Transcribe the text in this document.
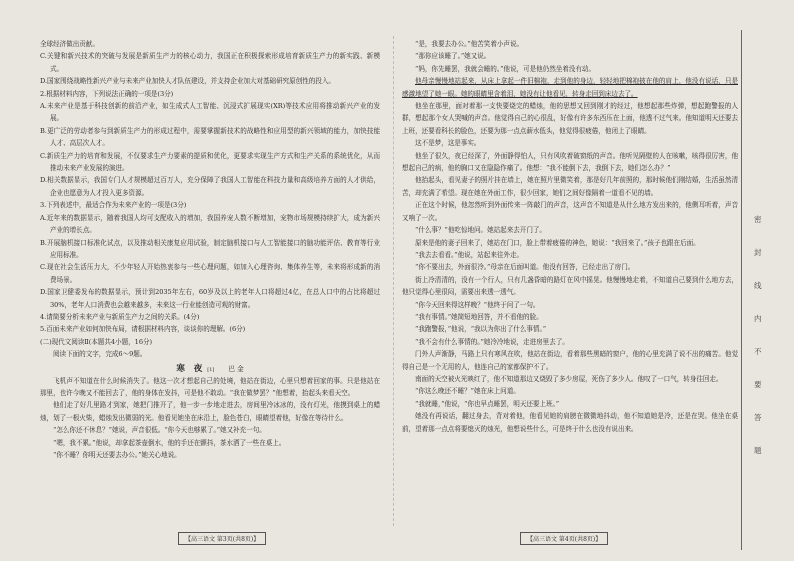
全球经济做出贡献。

C.关键和新兴技术的突破与发展是新质生产力的核心动力，我国正在积极探索形成培育新质生产力的新实践、新模式。

D.国家围绕战略性新兴产业与未来产业加快人才队伍建设，并支持企业加大对基础研究原创性的投入。

2.根据材料内容，下列说法正确的一项是(3分)

A.未来产业是基于科技创新的前沿产业，如生成式人工智能、沉浸式扩展现实(XR)等技术应用将推动新兴产业的发展。

B.更广泛的劳动者参与到新质生产力的形成过程中，需要掌握新技术的战略性和应用型的新兴领域的能力，加快技能人才、高层次人才。

C.新质生产力的培育和发展，不仅要求生产力要素的提质和优化，更要求实现生产方式和生产关系的系统优化，从而推动未来产业发展的演进。

D.相关数据显示，我国专门人才规模超过百万人，充分保障了我国人工智能在科技力量和高级培养方面的人才供给，企业也愿意为人才投入更多资源。

3.下列表述中，最适合作为未来产业的一项是(3分)

A.近年来的数据显示，随着我国人均可支配收入的增加，我国养宠人数不断增加，宠物市场规模持续扩大，成为新兴产业的增长点。

B.开展脑机接口标准化试点，以及推动相关康复应用试验，制定脑机接口与人工智能接口的脑功能评估、教育等行业应用标准。

C.现在社会生活压力大，不少年轻人开始热衷参与一些心理问题，如加入心理咨询、集体养生等，未来将形成新的消费场景。

D.国家卫健委发布的数据显示，预计到2035年左右，60岁及以上的老年人口将超过4亿，在总人口中的占比将超过30%，老年人口消费也会越来越多，未来这一行业能创造可观的财富。

4.请简要分析未来产业与新质生产力之间的关系。(4分)

5.百面未来产业如何加快布局，请根据材料内容，谈谈你的理解。(6分)

(二)现代文阅读Ⅱ(本题共4小题，16分)

阅读下面的文字，完成6～9题。

寒 夜 [1] 巴 金

飞机声不知道在什么时候消失了。他这一次才想起自己的处境，他站在街边，心里只想着回家的事。只是他站在那里，也许今晚又不能回去了，他的身体在发抖，可是他不敢动。“我在做梦罢？”他想着，抬起头来看天空。

他们走了好几里路才到家，她把门推开了，他一步一步地走进去，房间里冷冰冰的，没有灯光，他摸到桌上的蜡烛，划了一根火柴，蜡烛发出微弱的光。他看见她坐在床沿上，脸色苍白，眼睛望着他，好像在等待什么。

“怎么你还不休息？”她说，声音很低。“你今天也够累了。”她又补充一句。

“嗯，我不累。”他说，却拿起茶壶倒水，他的手还在颤抖，茶水洒了一些在桌上。

“你不睡？你明天还要去办公。”她关心地说。

“是，我要去办公。”他苦笑着小声说。

“那你应该睡了。”她又说。

“妈，你先睡罢，我就会睡的。”他说，可是他仍然坐着没有动。

他母亲慢慢地站起来，从床上拿起一件旧棉袍，走到他的身边，轻轻地把棉袍披在他的肩上，他没有说话，只是感激地望了她一眼。她的眼睛里含着泪，她没有让他看见，转身走回到床边去了。

他坐在那里，面对着那一支快要烧完的蜡烛，他的思想又回到刚才的经过，他想起那些炸弹，想起跑警报的人群，想起那个女人哭喊的声音。他觉得自己的心很乱，好像有许多东西压在上面，他透不过气来。他知道明天还要去上班，还要看科长的脸色，还要为那一点点薪水低头，他觉得很疲倦，他闭上了眼睛。

这不是梦，这是事实。

他坐了很久，夜已经深了，外面静得怕人，只有风吹着破窗纸的声音。他听见隔壁的人在咳嗽，咳得很厉害，他想起自己的病，他的胸口又在隐隐作痛了。他想：“我不能倒下去，我倒下去，她们怎么办？”

他抬起头，看见妻子的照片挂在墙上，她在照片里微笑着，那是好几年前照的，那时候他们刚结婚，生活虽然清苦，却充满了希望。现在她在外面工作，很少回家，她们之间好像隔着一道看不见的墙。

正在这个时候，他忽然听到外面传来一阵敲门的声音，这声音不知道是从什么地方发出来的，他侧耳听着，声音又响了一次。

“什么事？”他吃惊地问。她站起来去开门了。

原来是他的妻子回来了，她站在门口，脸上带着疲倦的神色，她说：“我回来了。”孩子也跟在后面。

“我去去看看。”他说，站起来往外走。

“你不要出去，外面很冷。”母亲在后面叫道。他没有回答，已经走出了房门。

街上冷清清的，没有一个行人，只有几盏昏暗的路灯在风中摇晃。他慢慢地走着，不知道自己要到什么地方去，他只觉得心里很闷，需要出来透一透气。

“你今天回来得这样晚？”他终于问了一句。

“我有事情。”她简短地回答，并不看他的脸。

“我跑警报，”他说，“我以为你出了什么事情。”

“我不会有什么事情的。”她冷冷地说，走进房里去了。

门外人声渐静，马路上只有寒风在吹，他站在街边，看着那些黑暗的窗户，他的心里充满了说不出的痛苦。他觉得自己是一个无用的人，他连自己的家都保护不了。

南面的天空被火光映红了，他不知道那边又烧毁了多少房屋，死伤了多少人。他叹了一口气，转身往回走。

“你这么晚还不睡？”她在床上问道。

“我就睡，”他说，“你也早点睡罢，明天还要上班。”

她没有再说话，翻过身去，背对着他，他看见她的肩膀在微微地抖动，他不知道她是冷，还是在哭。他坐在桌前，望着那一点点将要熄灭的烛光，他想说些什么，可是终于什么也没有说出来。

【高三语文 第3页(共8页)】	【高三语文 第4页(共8页)】
密
封
线
内
不
要
答
题
